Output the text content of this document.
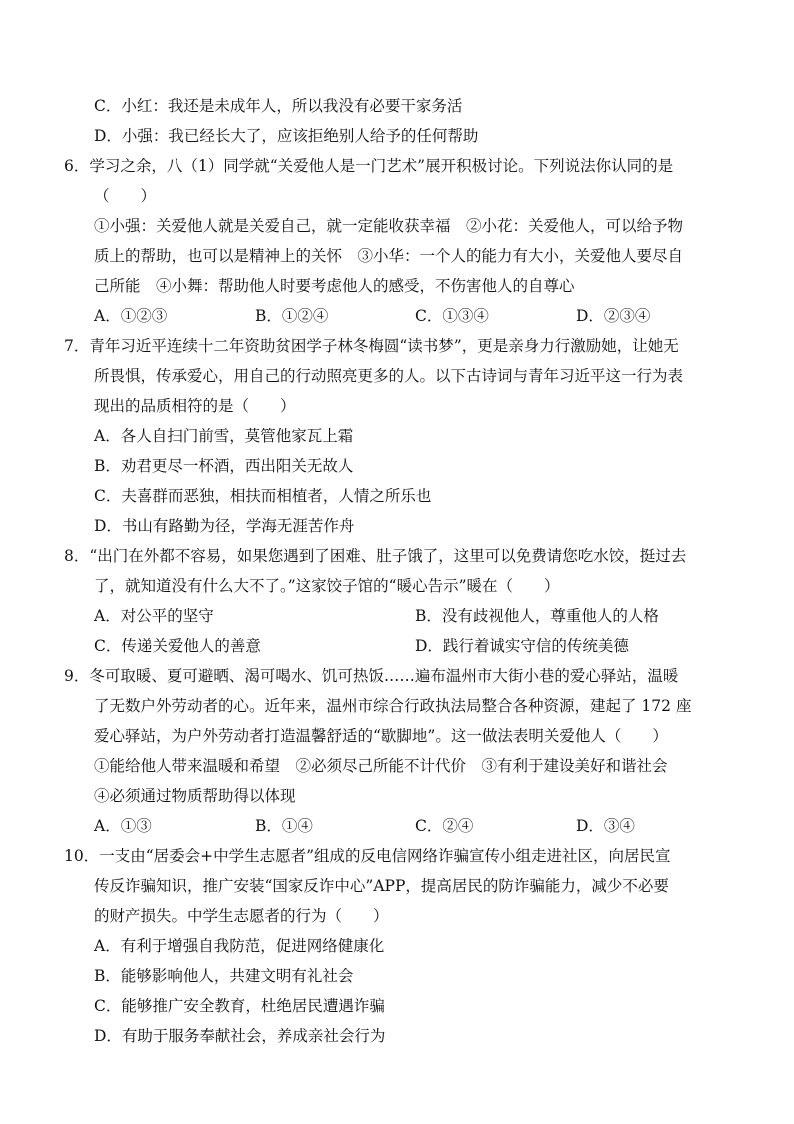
C．小红：我还是未成年人，所以我没有必要干家务活
D．小强：我已经长大了，应该拒绝别人给予的任何帮助
6．学习之余，八（1）同学就“关爱他人是一门艺术”展开积极讨论。下列说法你认同的是
（　　）
①小强：关爱他人就是关爱自己，就一定能收获幸福　②小花：关爱他人，可以给予物
质上的帮助，也可以是精神上的关怀　③小华：一个人的能力有大小，关爱他人要尽自
己所能　④小舞：帮助他人时要考虑他人的感受，不伤害他人的自尊心
A．①②③	B．①②④	C．①③④	D．②③④
7．青年习近平连续十二年资助贫困学子林冬梅圆“读书梦”，更是亲身力行激励她，让她无
所畏惧，传承爱心，用自己的行动照亮更多的人。以下古诗词与青年习近平这一行为表
现出的品质相符的是（　　）
A．各人自扫门前雪，莫管他家瓦上霜
B．劝君更尽一杯酒，西出阳关无故人
C．夫喜群而恶独，相扶而相植者，人情之所乐也
D．书山有路勤为径，学海无涯苦作舟
8．“出门在外都不容易，如果您遇到了困难、肚子饿了，这里可以免费请您吃水饺，挺过去
了，就知道没有什么大不了。”这家饺子馆的“暖心告示”暖在（　　）
A．对公平的坚守	B．没有歧视他人，尊重他人的人格
C．传递关爱他人的善意	D．践行着诚实守信的传统美德
9．冬可取暖、夏可避晒、渴可喝水、饥可热饭……遍布温州市大街小巷的爱心驿站，温暖
了无数户外劳动者的心。近年来，温州市综合行政执法局整合各种资源，建起了 172 座
爱心驿站，为户外劳动者打造温馨舒适的“歇脚地”。这一做法表明关爱他人（　　）
①能给他人带来温暖和希望　②必须尽己所能不计代价　③有利于建设美好和谐社会
④必须通过物质帮助得以体现
A．①③	B．①④	C．②④	D．③④
10．一支由“居委会+中学生志愿者”组成的反电信网络诈骗宣传小组走进社区，向居民宣
传反诈骗知识，推广安装“国家反诈中心”APP，提高居民的防诈骗能力，减少不必要
的财产损失。中学生志愿者的行为（　　）
A．有利于增强自我防范，促进网络健康化
B．能够影响他人，共建文明有礼社会
C．能够推广安全教育，杜绝居民遭遇诈骗
D．有助于服务奉献社会，养成亲社会行为
